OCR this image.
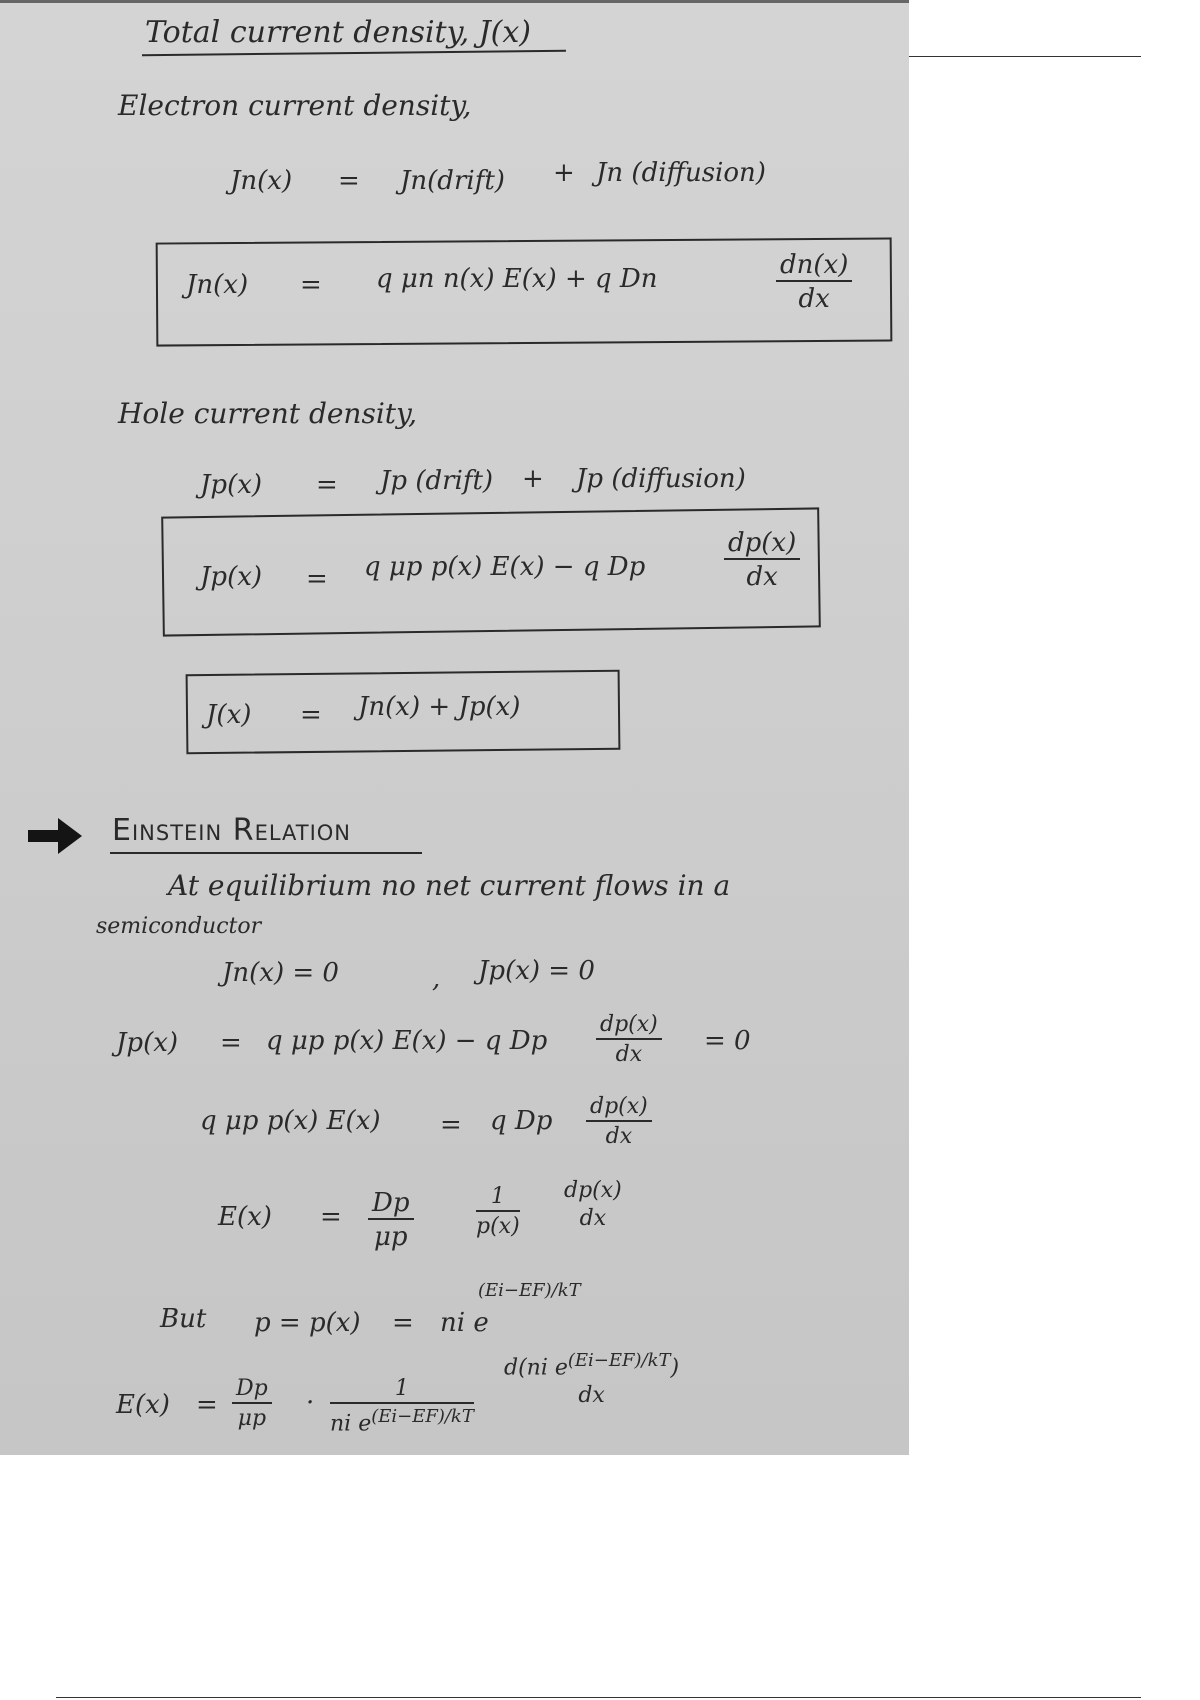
Total current density, J(x)
Electron current density,
Jn(x) = Jn(drift) + Jn (diffusion)
Jn(x) = q μn n(x) E(x) + q Dn	$\frac{dn(x)}{dx}$
Hole current density,
Jp(x) = Jp (drift) + Jp (diffusion)
Jp(x) = q μp p(x) E(x) − q Dp	$\frac{dp(x)}{dx}$
J(x) = Jn(x) + Jp(x)
Einstein Relation
At equilibrium no net current flows in a
semiconductor
Jn(x) = 0	, Jp(x) = 0
Jp(x) = q μp p(x) E(x) − q Dp $\frac{dp(x)}{dx} = 0$
q μp p(x) E(x) = q Dp $\frac{dp(x)}{dx}$
$E(x) = \frac{Dp}{\mu p}$	$\frac{1}{p(x)} dp(x)$
dx
But p = p(x) = ni e
(Ei−EF)/kT
$E(x) = \frac{Dp}{\mu p} \cdot \frac{1}{ni e^{(Ei-EF)/kT}}$
d(ni $e^{(Ei-EF)/kT}$)
dx
